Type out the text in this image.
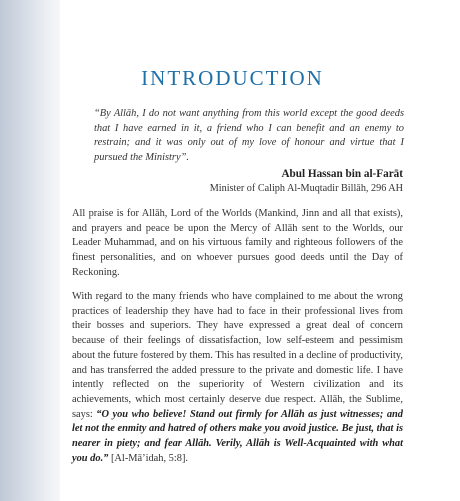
INTRODUCTION

“By Allāh, I do not want anything from this world except the good deeds that I have earned in it, a friend who I can benefit and an enemy to restrain; and it was only out of my love of honour and virtue that I pursued the Ministry”.

Abul Hassan bin al-Farāt
Minister of Caliph Al-Muqtadir Billāh, 296 AH

All praise is for Allāh, Lord of the Worlds (Mankind, Jinn and all that exists), and prayers and peace be upon the Mercy of Allāh sent to the Worlds, our Leader Muhammad, and on his virtuous family and righteous followers of the finest personalities, and on whoever pursues good deeds until the Day of Reckoning.

With regard to the many friends who have complained to me about the wrong practices of leadership they have had to face in their professional lives from their bosses and superiors. They have expressed a great deal of concern because of their feelings of dissatisfaction, low self-esteem and pessimism about the future fostered by them. This has resulted in a decline of productivity, and has transferred the added pressure to the private and domestic life. I have intently reflected on the superiority of Western civilization and its achievements, which most certainly deserve due respect. Allāh, the Sublime, says: “O you who believe! Stand out firmly for Allāh as just witnesses; and let not the enmity and hatred of others make you avoid justice. Be just, that is nearer in piety; and fear Allāh. Verily, Allāh is Well-Acquainted with what you do.” [Al-Mā’idah, 5:8].
